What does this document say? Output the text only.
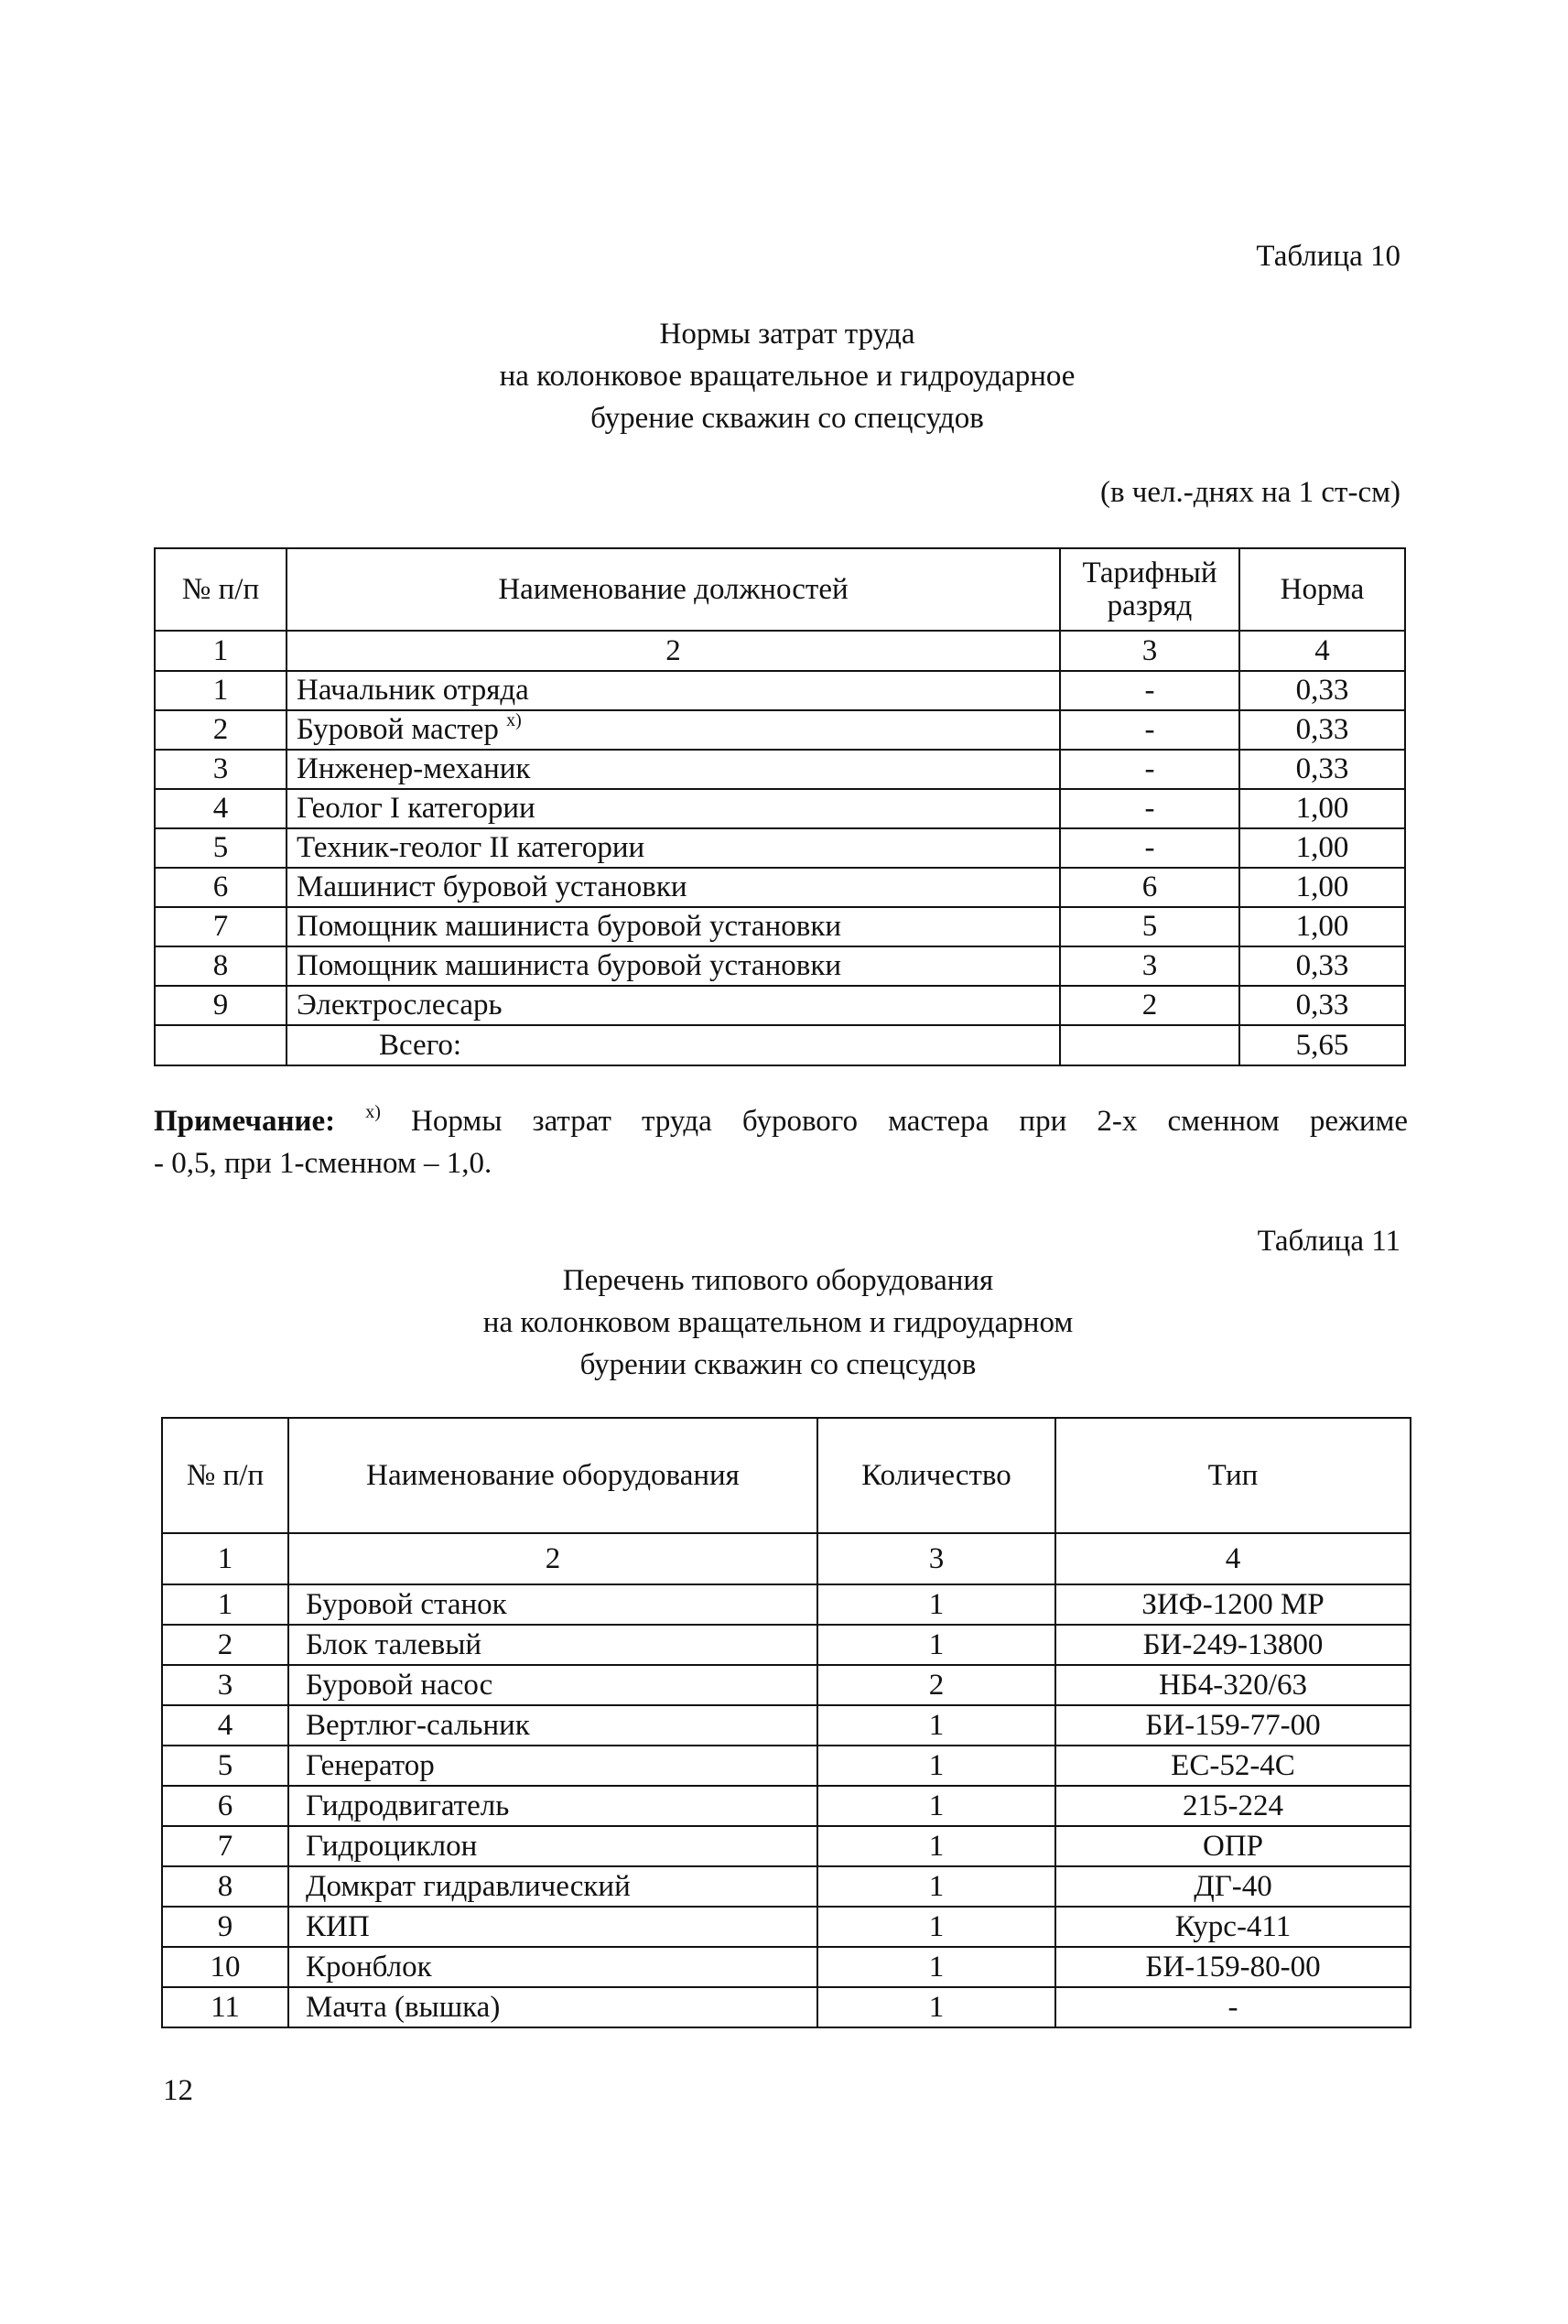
Таблица 10
Нормы затрат труда
на колонковое вращательное и гидроударное
бурение скважин со спецсудов
(в чел.-днях на 1 ст-см)
№ п/п	Наименование должностей	Тарифный разряд	Норма
1	2	3	4
1	Начальник отряда	-	0,33
2	Буровой мастер $^{х)}$	-	0,33
3	Инженер-механик	-	0,33
4	Геолог I категории	-	1,00
5	Техник-геолог II категории	-	1,00
6	Машинист буровой установки	6	1,00
7	Помощник машиниста буровой установки	5	1,00
8	Помощник машиниста буровой установки	3	0,33
9	Электрослесарь	2	0,33
	Всего:		5,65
Примечание: $^{х)}$ Нормы затрат труда бурового мастера при 2-х сменном режиме
- 0,5, при 1-сменном – 1,0.
Таблица 11
Перечень типового оборудования
на колонковом вращательном и гидроударном
бурении скважин со спецсудов
№ п/п	Наименование оборудования	Количество	Тип
1	2	3	4
1	Буровой станок	1	ЗИФ-1200 МР
2	Блок талевый	1	БИ-249-13800
3	Буровой насос	2	НБ4-320/63
4	Вертлюг-сальник	1	БИ-159-77-00
5	Генератор	1	ЕС-52-4С
6	Гидродвигатель	1	215-224
7	Гидроциклон	1	ОПР
8	Домкрат гидравлический	1	ДГ-40
9	КИП	1	Курс-411
10	Кронблок	1	БИ-159-80-00
11	Мачта (вышка)	1	-
12
